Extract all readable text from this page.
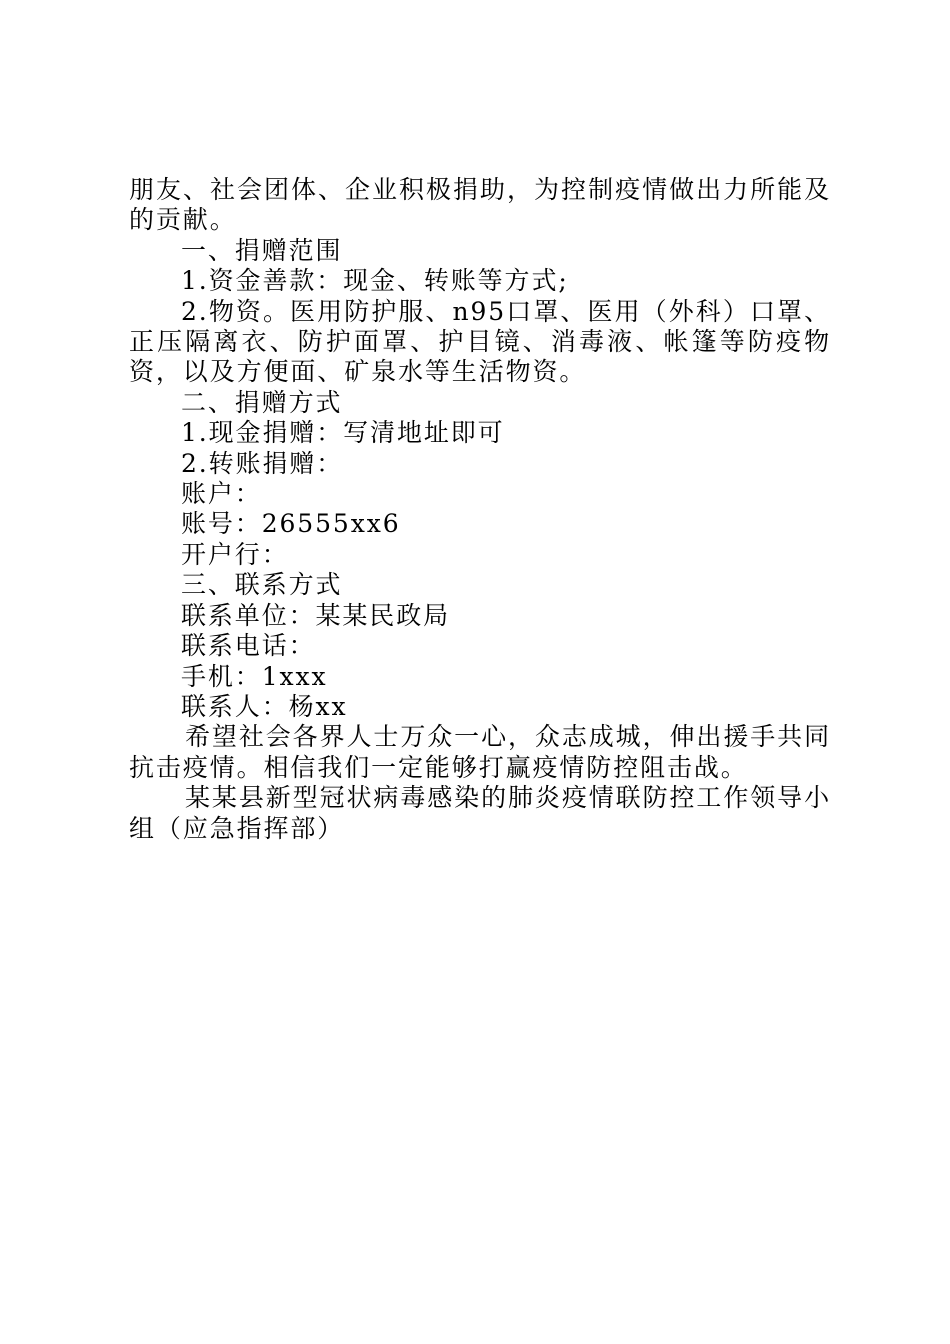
朋友、社会团体、企业积极捐助，为控制疫情做出力所能及的贡献。

一、捐赠范围

1.资金善款：现金、转账等方式;

2.物资。医用防护服、n95口罩、医用（外科）口罩、正压隔离衣、防护面罩、护目镜、消毒液、帐篷等防疫物资，以及方便面、矿泉水等生活物资。

二、捐赠方式

1.现金捐赠：写清地址即可

2.转账捐赠：

账户：

账号：26555xx6

开户行：

三、联系方式

联系单位：某某民政局

联系电话：

手机：1xxx

联系人：杨xx

希望社会各界人士万众一心，众志成城，伸出援手共同抗击疫情。相信我们一定能够打赢疫情防控阻击战。

某某县新型冠状病毒感染的肺炎疫情联防控工作领导小组（应急指挥部）
